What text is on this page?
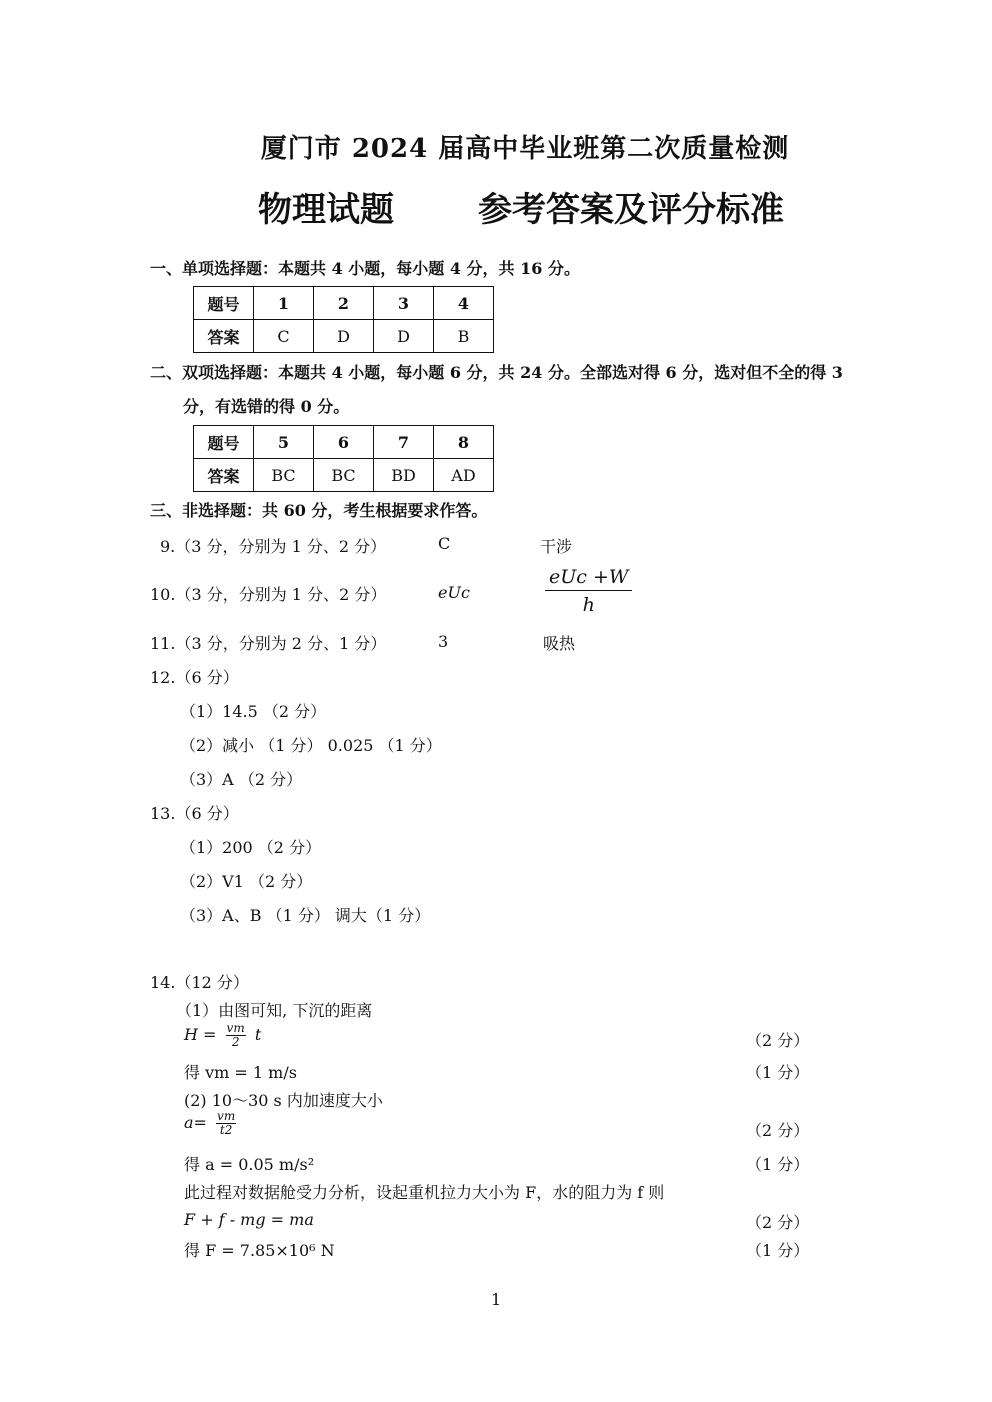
厦门市 2024 届高中毕业班第二次质量检测
物理试题 参考答案及评分标准
一、单项选择题：本题共 4 小题，每小题 4 分，共 16 分。
题号	1	2	3	4
答案	C	D	D	B
二、双项选择题：本题共 4 小题，每小题 6 分，共 24 分。全部选对得 6 分，选对但不全的得 3
分，有选错的得 0 分。
题号	5	6	7	8
答案	BC	BC	BD	AD
三、非选择题：共 60 分，考生根据要求作答。
9.（3 分，分别为 1 分、2 分）	C	干涉
10.（3 分，分别为 1 分、2 分）	eUc
eUc +W
h
11.（3 分，分别为 2 分、1 分）	3	吸热
12.（6 分）
（1）14.5 （2 分）
（2）减小 （1 分） 0.025 （1 分）
（3）A （2 分）
13.（6 分）
（1）200 （2 分）
（2）V1 （2 分）
（3）A、B （1 分） 调大（1 分）
14.（12 分）
（1）由图可知, 下沉的距离
$H = \frac{vm}{2}$ t	（2 分）
得 vm = 1 m/s	（1 分）
(2) 10～30 s 内加速度大小
$a= \frac{vm}{t2}$	（2 分）
得 a = 0.05 m/s²	（1 分）
此过程对数据舱受力分析，设起重机拉力大小为 F，水的阻力为 f 则
F + f - mg = ma	（2 分）
得 F = 7.85×10⁶ N	（1 分）
1
